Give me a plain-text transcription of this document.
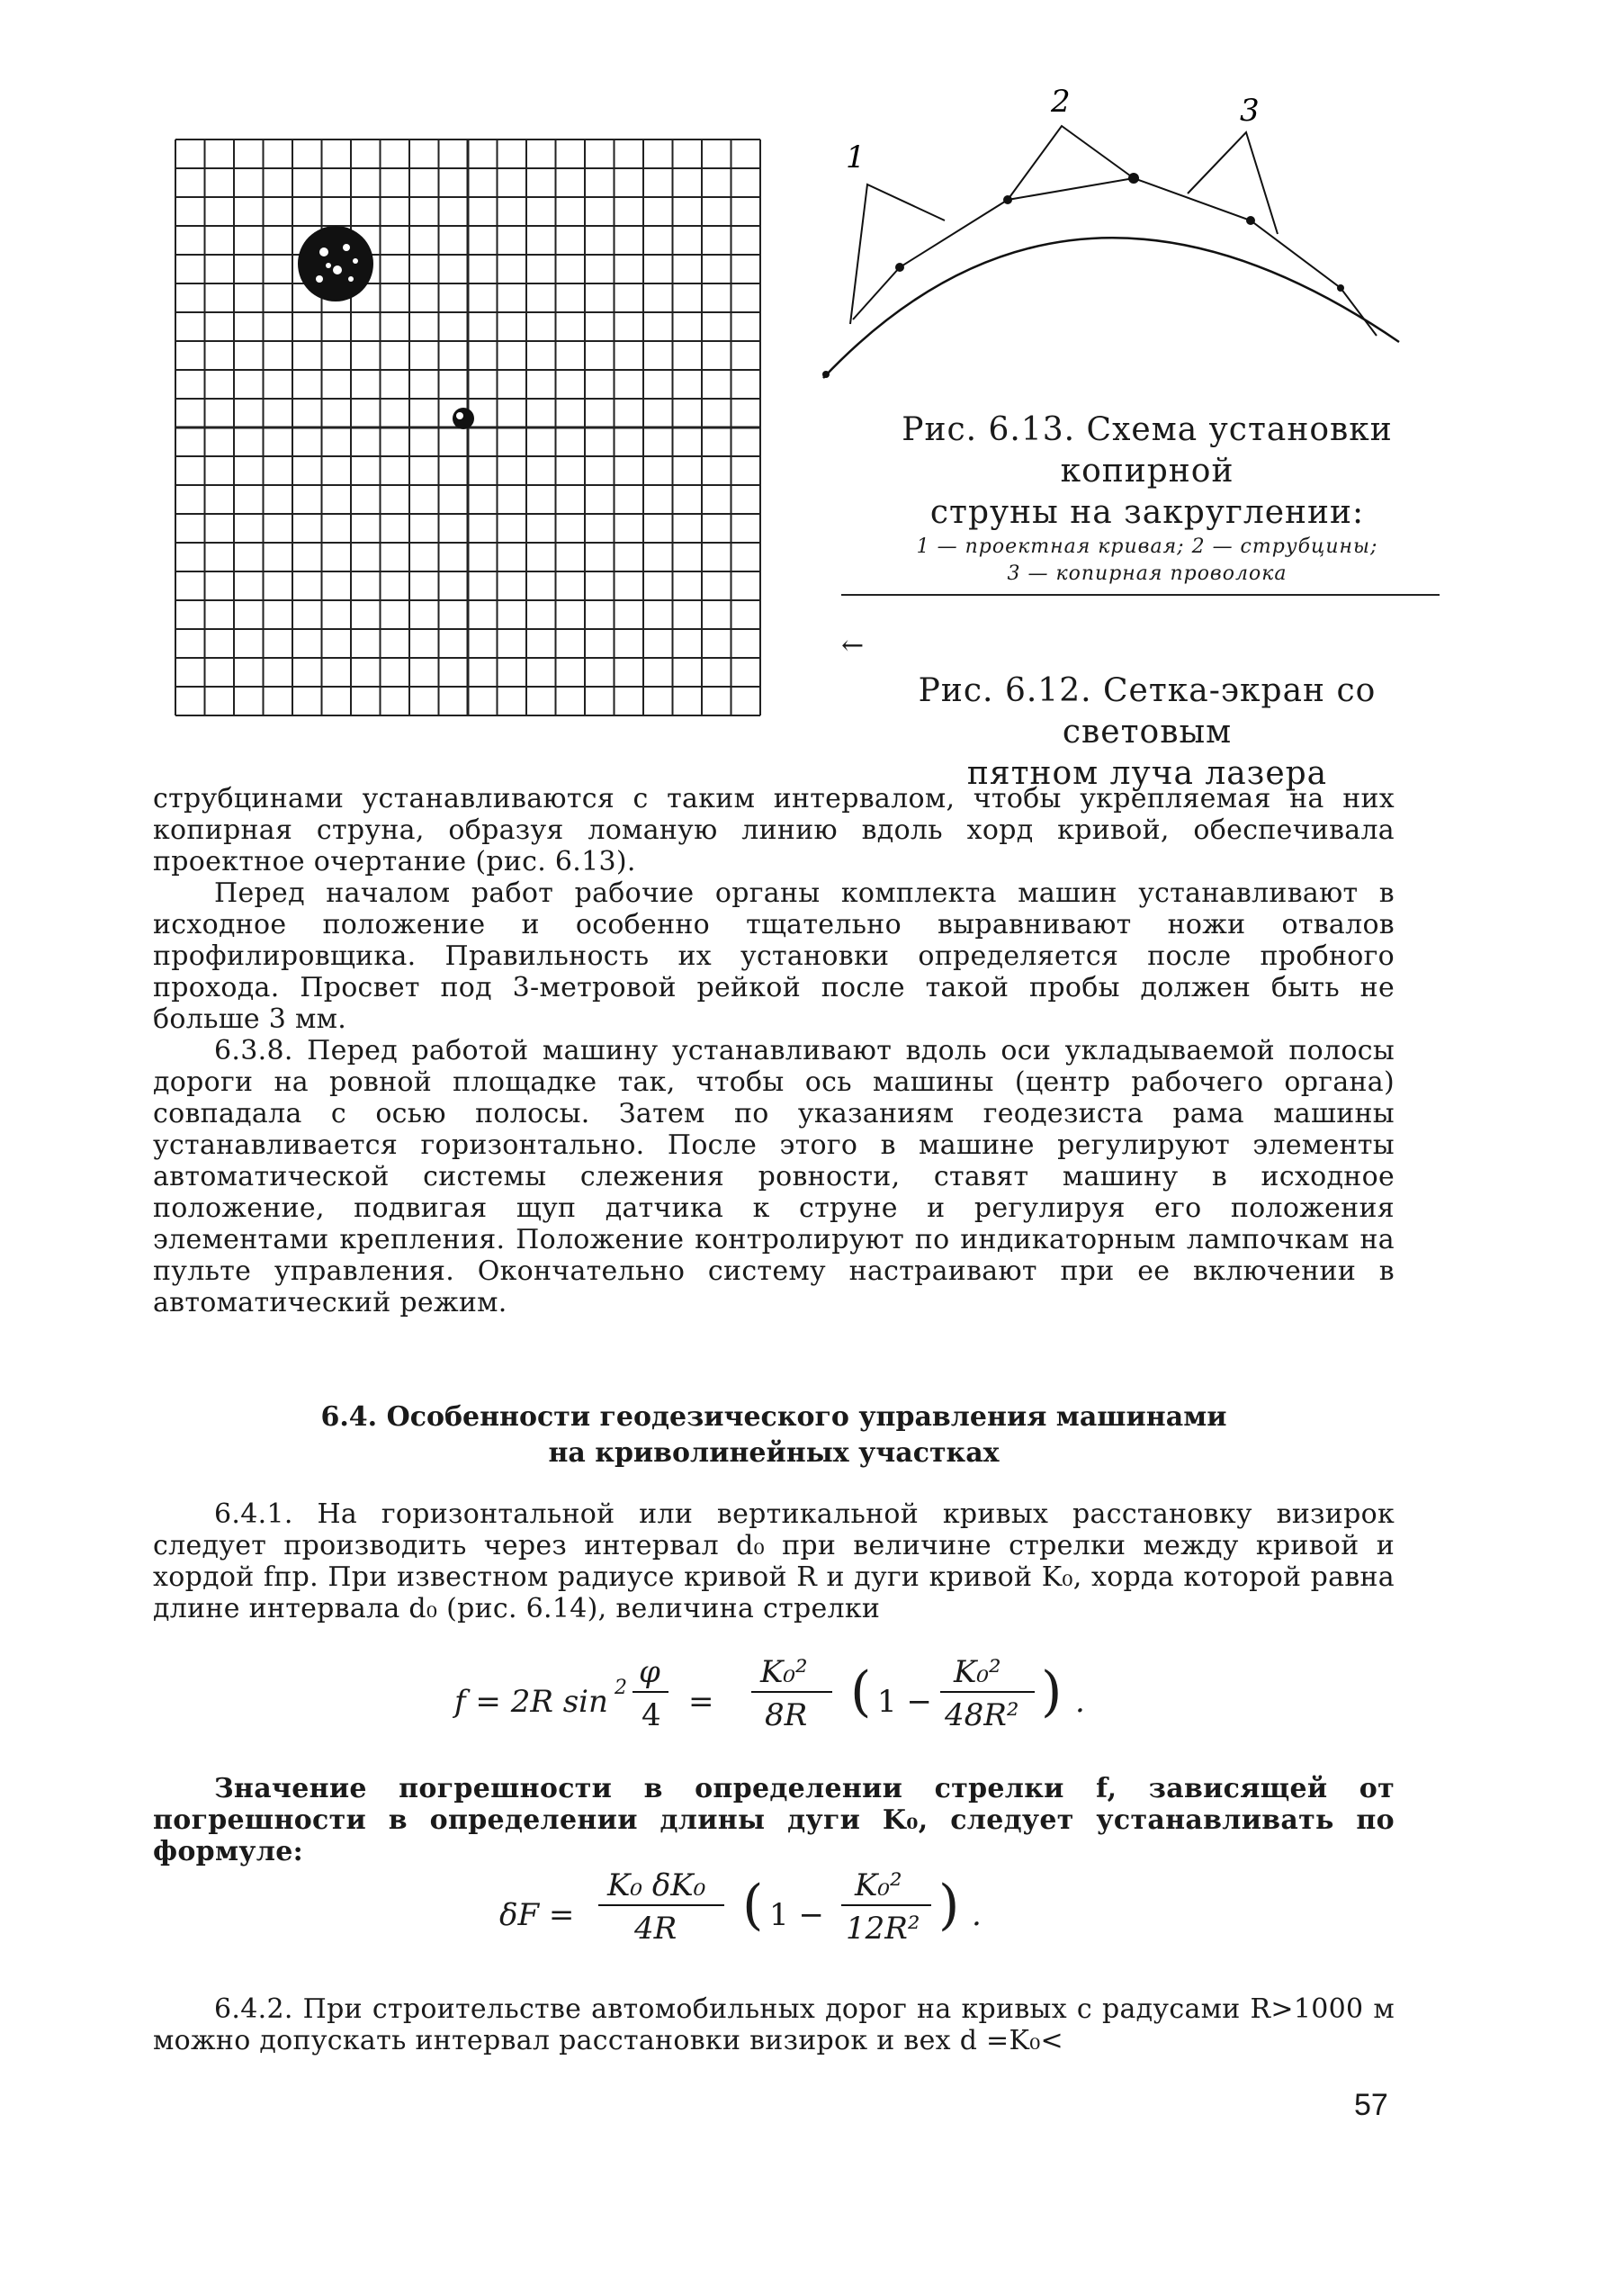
1
2	3
Рис. 6.13. Схема установки копирной
струны на закруглении:
1 — проектная кривая; 2 — струбцины;
3 — копирная проволока
←
Рис. 6.12. Сетка-экран со световым
пятном луча лазера

струбцинами устанавливаются с таким интервалом, чтобы укрепляемая на них копирная струна, образуя ломаную линию вдоль хорд кривой, обеспечивала проектное очертание (рис. 6.13).

Перед началом работ рабочие органы комплекта машин устанавливают в исходное положение и особенно тщательно выравнивают ножи отвалов профилировщика. Правильность их установки определяется после пробного прохода. Просвет под 3-метровой рейкой после такой пробы должен быть не больше 3 мм.

6.3.8. Перед работой машину устанавливают вдоль оси укладываемой полосы дороги на ровной площадке так, чтобы ось машины (центр рабочего органа) совпадала с осью полосы. Затем по указаниям геодезиста рама машины устанавливается горизонтально. После этого в машине регулируют элементы автоматической системы слежения ровности, ставят машину в исходное положение, подвигая щуп датчика к струне и регулируя его положения элементами крепления. Положение контролируют по индикаторным лампочкам на пульте управления. Окончательно систему настраивают при ее включении в автоматический режим.

6.4. Особенности геодезического управления машинами
на криволинейных участках

6.4.1. На горизонтальной или вертикальной кривых расстановку визирок следует производить через интервал d₀ при величине стрелки между кривой и хордой fпр. При известном радиусе кривой R и дуги кривой K₀, хорда которой равна длине интервала d₀ (рис. 6.14), величина стрелки

f = 2R sin 2 φ
4 =
K₀²
8R ( 1 −
K₀²
48R² ) .

Значение погрешности в определении стрелки f, зависящей от погрешности в определении длины дуги K₀, следует устанавливать по формуле:

δF =
K₀ δK₀
4R ( 1 −
K₀²
12R² ) .

6.4.2. При строительстве автомобильных дорог на кривых с радусами R>1000 м можно допускать интервал расстановки визирок и вех d =K₀<

57
